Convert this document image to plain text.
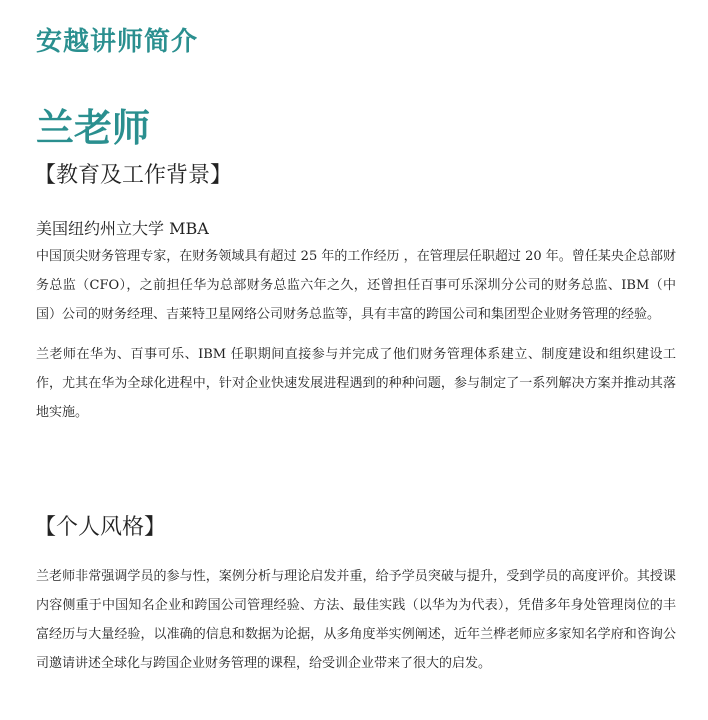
安越讲师简介
兰老师
【教育及工作背景】

美国纽约州立大学 MBA

中国顶尖财务管理专家，在财务领域具有超过 25 年的工作经历 ，在管理层任职超过 20 年。曾任某央企总部财务总监（CFO），之前担任华为总部财务总监六年之久，还曾担任百事可乐深圳分公司的财务总监、IBM（中国）公司的财务经理、吉莱特卫星网络公司财务总监等，具有丰富的跨国公司和集团型企业财务管理的经验。

兰老师在华为、百事可乐、IBM 任职期间直接参与并完成了他们财务管理体系建立、制度建设和组织建设工作，尤其在华为全球化进程中，针对企业快速发展进程遇到的种种问题，参与制定了一系列解决方案并推动其落地实施。

【个人风格】

兰老师非常强调学员的参与性，案例分析与理论启发并重，给予学员突破与提升，受到学员的高度评价。其授课内容侧重于中国知名企业和跨国公司管理经验、方法、最佳实践（以华为为代表），凭借多年身处管理岗位的丰富经历与大量经验，以准确的信息和数据为论据，从多角度举实例阐述，近年兰桦老师应多家知名学府和咨询公司邀请讲述全球化与跨国企业财务管理的课程，给受训企业带来了很大的启发。
